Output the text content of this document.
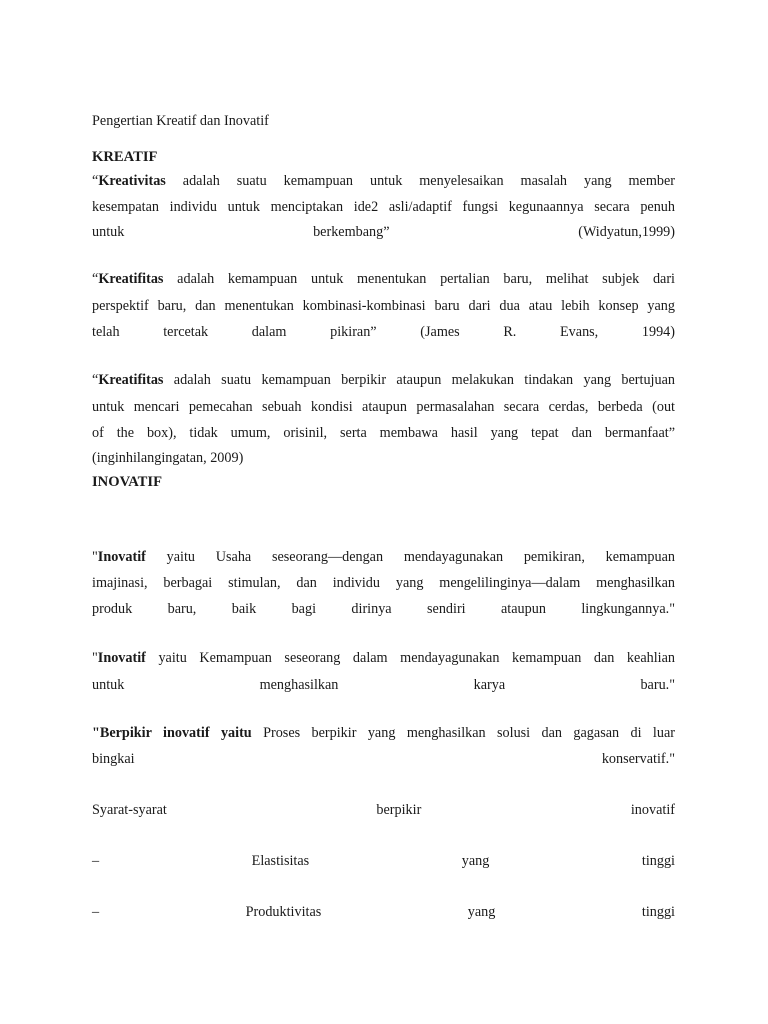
Pengertian Kreatif dan Inovatif
KREATIF
“Kreativitas adalah suatu kemampuan untuk menyelesaikan masalah yang member
kesempatan individu untuk menciptakan ide2 asli/adaptif fungsi kegunaannya secara penuh
untuk berkembang” (Widyatun,1999)
“Kreatifitas adalah kemampuan untuk menentukan pertalian baru, melihat subjek dari
perspektif baru, dan menentukan kombinasi-kombinasi baru dari dua atau lebih konsep yang
telah tercetak dalam pikiran” (James R. Evans, 1994)
“Kreatifitas adalah suatu kemampuan berpikir ataupun melakukan tindakan yang bertujuan
untuk mencari pemecahan sebuah kondisi ataupun permasalahan secara cerdas, berbeda (out
of the box), tidak umum, orisinil, serta membawa hasil yang tepat dan bermanfaat”
(inginhilangingatan, 2009)
INOVATIF
"Inovatif yaitu Usaha seseorang—dengan mendayagunakan pemikiran, kemampuan
imajinasi, berbagai stimulan, dan individu yang mengelilinginya—dalam menghasilkan
produk baru, baik bagi dirinya sendiri ataupun lingkungannya."
"Inovatif yaitu Kemampuan seseorang dalam mendayagunakan kemampuan dan keahlian
untuk menghasilkan karya baru."
"Berpikir inovatif yaitu Proses berpikir yang menghasilkan solusi dan gagasan di luar
bingkai konservatif."
Syarat-syarat berpikir inovatif
– Elastisitas yang tinggi
– Produktivitas yang tinggi
